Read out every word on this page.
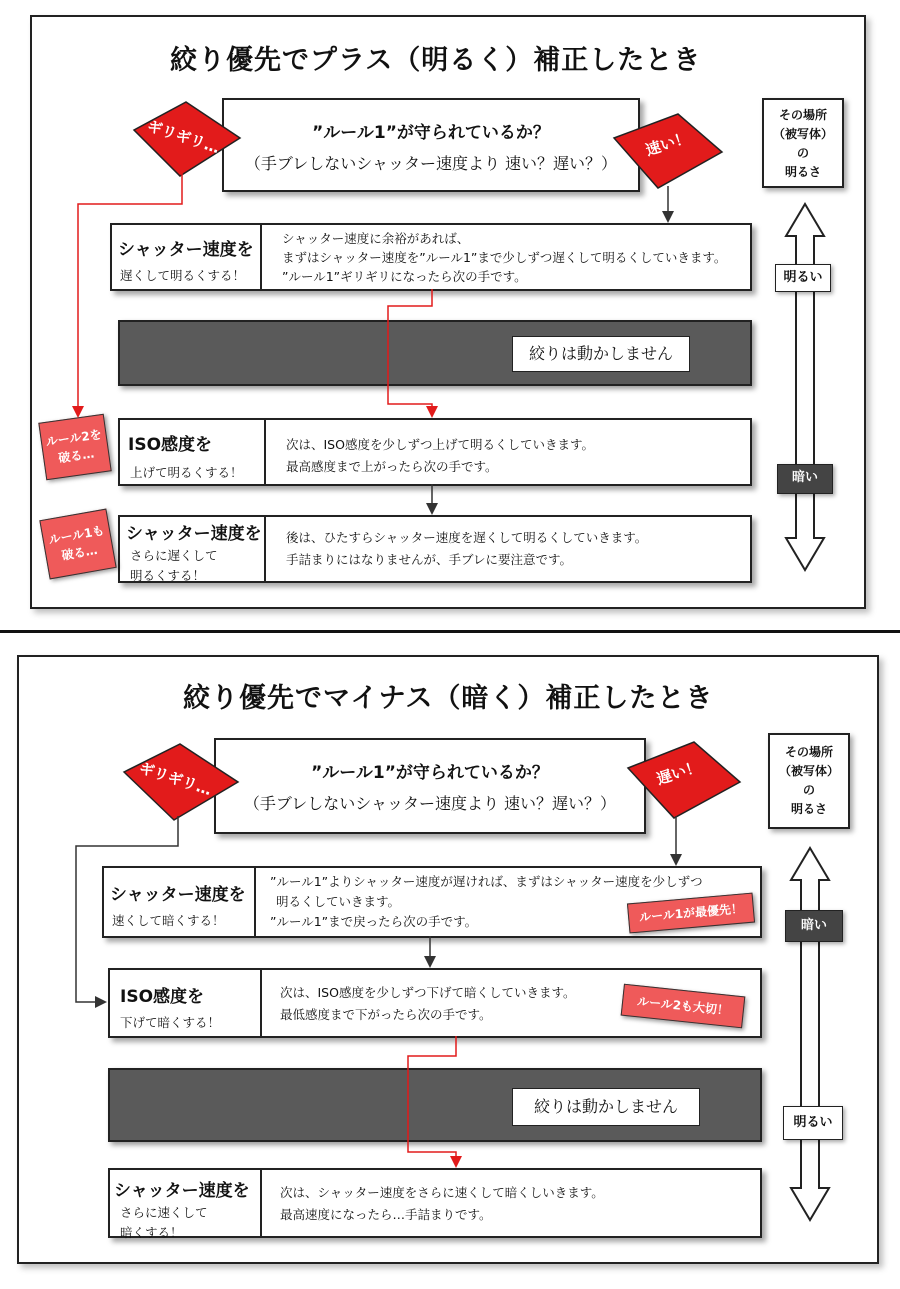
絞り優先でプラス（明るく）補正したとき
”ルール1”が守られているか？
（手ブレしないシャッター速度より 速い？遅い？）
ギリギリ…	速い！
その場所
（被写体）
の
明るさ
明るい
暗い
シャッター速度を
遅くして明るくする！
シャッター速度に余裕があれば、
まずはシャッター速度を”ルール1”まで少しずつ遅くして明るくしていきます。
”ルール1”ギリギリになったら次の手です。
絞りは動かしません
ISO感度を
上げて明るくする！
次は、ISO感度を少しずつ上げて明るくしていきます。
最高感度まで上がったら次の手です。
シャッター速度を
さらに遅くして
明るくする！
後は、ひたすらシャッター速度を遅くして明るくしていきます。
手詰まりにはなりませんが、手ブレに要注意です。
ルール2を
破る…
ルール1も
破る…
絞り優先でマイナス（暗く）補正したとき
”ルール1”が守られているか？
（手ブレしないシャッター速度より 速い？遅い？）
ギリギリ…	遅い！
その場所
（被写体）
の
明るさ
暗い
明るい
シャッター速度を
速くして暗くする！
”ルール1”よりシャッター速度が遅ければ、まずはシャッター速度を少しずつ
明るくしていきます。
”ルール1”まで戻ったら次の手です。	ルール1が最優先！
ISO感度を
下げて暗くする！
次は、ISO感度を少しずつ下げて暗くしていきます。
最低感度まで下がったら次の手です。	ルール2も大切！
絞りは動かしません
シャッター速度を
さらに速くして
暗くする！
次は、シャッター速度をさらに速くして暗くしいきます。
最高速度になったら…手詰まりです。
